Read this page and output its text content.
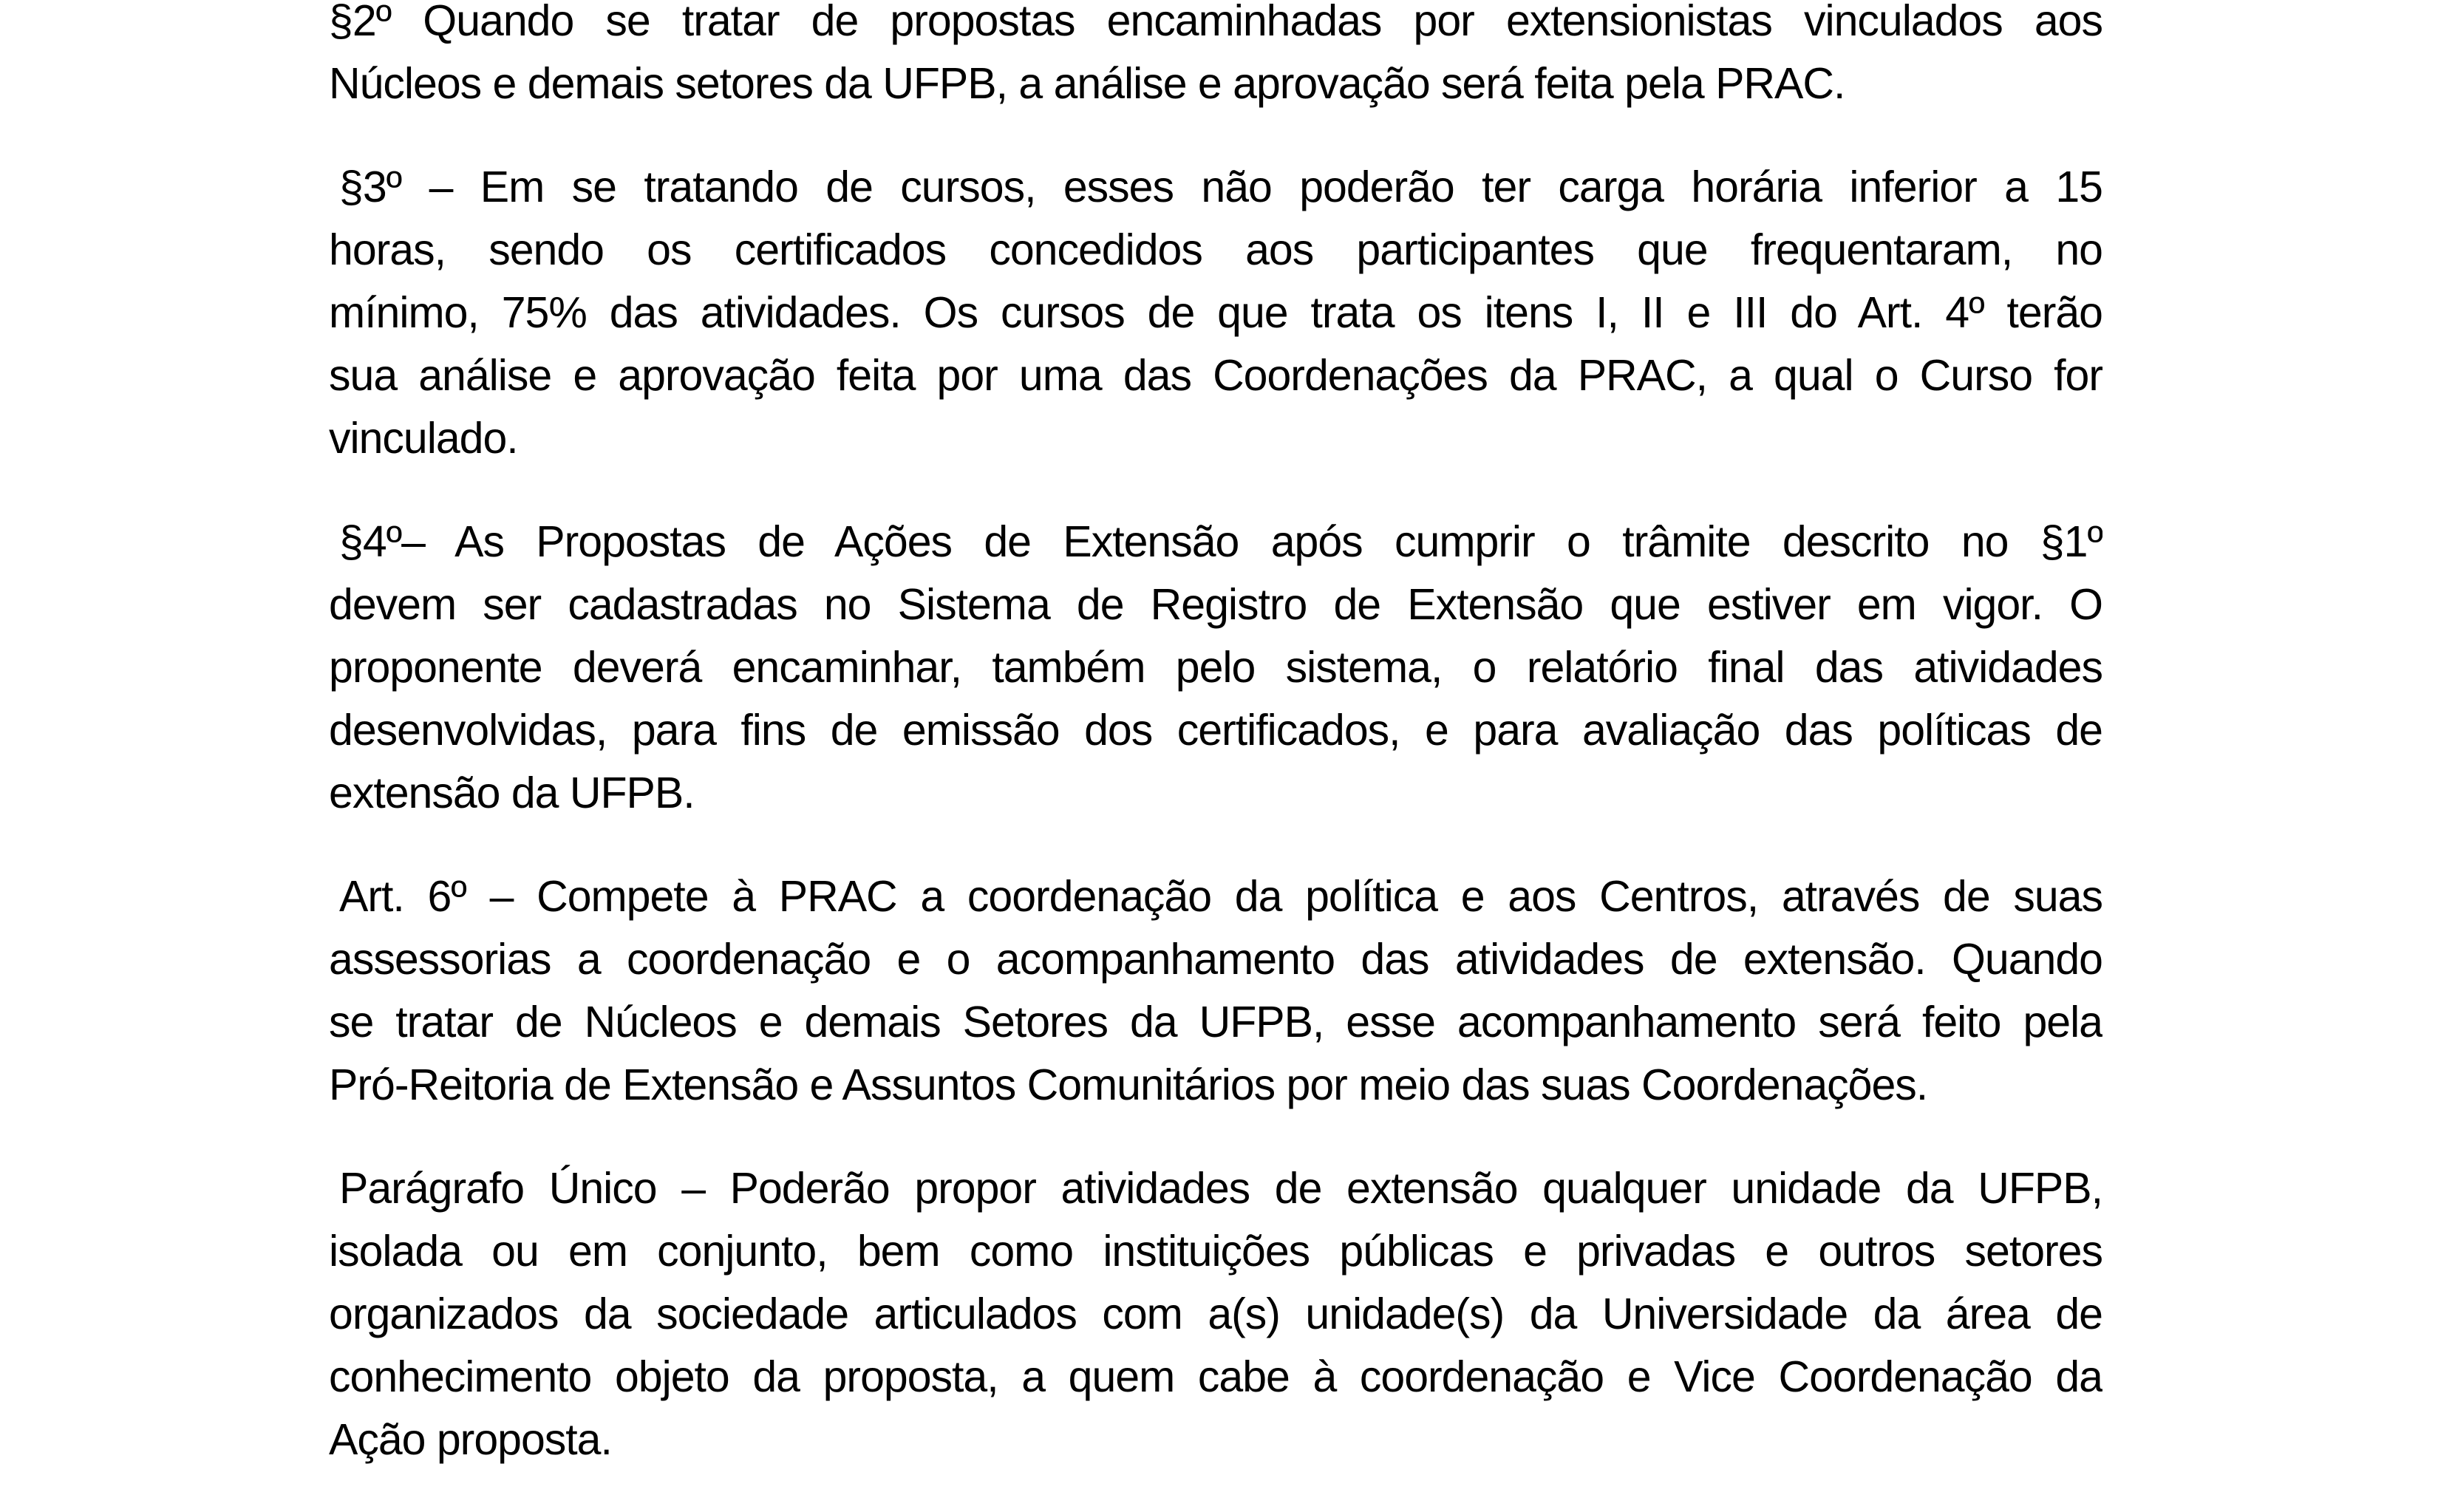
§2º Quando se tratar de propostas encaminhadas por extensionistas vinculados aos
Núcleos e demais setores da UFPB, a análise e aprovação será feita pela PRAC.
§3º – Em se tratando de cursos, esses não poderão ter carga horária inferior a 15
horas, sendo os certificados concedidos aos participantes que frequentaram, no
mínimo, 75% das atividades. Os cursos de que trata os itens I, II e III do Art. 4º terão
sua análise e aprovação feita por uma das Coordenações da PRAC, a qual o Curso for
vinculado.
§4º– As Propostas de Ações de Extensão após cumprir o trâmite descrito no §1º
devem ser cadastradas no Sistema de Registro de Extensão que estiver em vigor. O
proponente deverá encaminhar, também pelo sistema, o relatório final das atividades
desenvolvidas, para fins de emissão dos certificados, e para avaliação das políticas de
extensão da UFPB.
Art. 6º – Compete à PRAC a coordenação da política e aos Centros, através de suas
assessorias a coordenação e o acompanhamento das atividades de extensão. Quando
se tratar de Núcleos e demais Setores da UFPB, esse acompanhamento será feito pela
Pró-Reitoria de Extensão e Assuntos Comunitários por meio das suas Coordenações.
Parágrafo Único – Poderão propor atividades de extensão qualquer unidade da UFPB,
isolada ou em conjunto, bem como instituições públicas e privadas e outros setores
organizados da sociedade articulados com a(s) unidade(s) da Universidade da área de
conhecimento objeto da proposta, a quem cabe à coordenação e Vice Coordenação da
Ação proposta.
